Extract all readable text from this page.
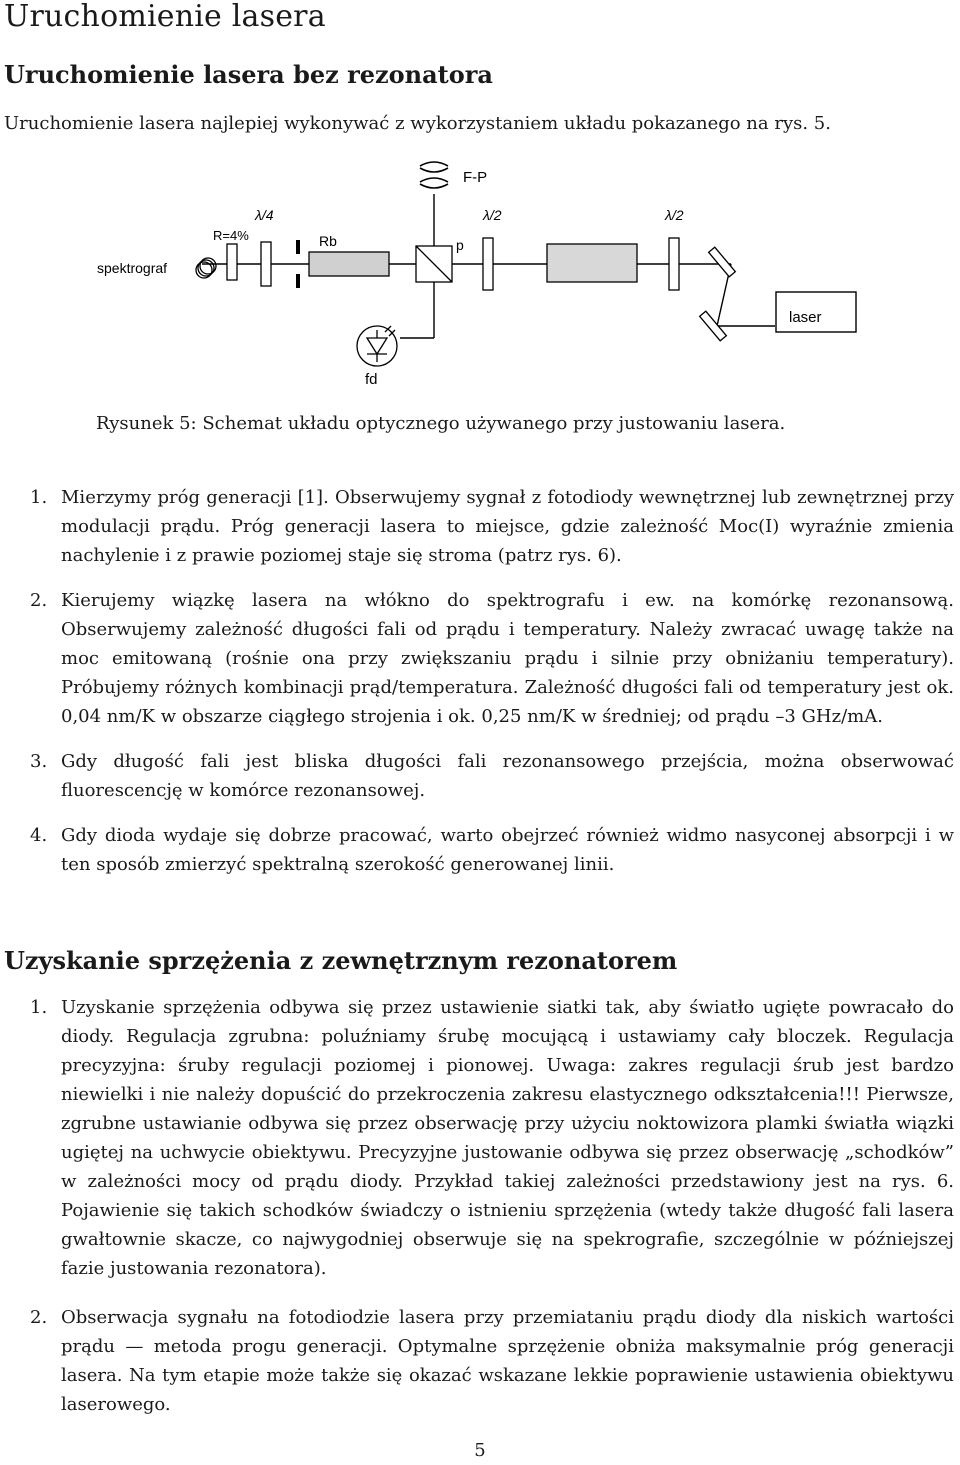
Uruchomienie lasera
Uruchomienie lasera bez rezonatora

Uruchomienie lasera najlepiej wykonywać z wykorzystaniem układu pokazanego na rys. 5.

F-P
spektrograf
R=4%
λ/4
Rb	p
λ/2	λ/2
laser
fd

Rysunek 5: Schemat układu optycznego używanego przy justowaniu lasera.

1. Mierzymy próg generacji [1]. Obserwujemy sygnał z fotodiody wewnętrznej lub zewnętrznej przy modulacji prądu. Próg generacji lasera to miejsce, gdzie zależność Moc(I) wyraźnie zmienia nachylenie i z prawie poziomej staje się stroma (patrz rys. 6).
2. Kierujemy wiązkę lasera na włókno do spektrografu i ew. na komórkę rezonansową. Obserwujemy zależność długości fali od prądu i temperatury. Należy zwracać uwagę także na moc emitowaną (rośnie ona przy zwiększaniu prądu i silnie przy obniżaniu temperatury). Próbujemy różnych kombinacji prąd/temperatura. Zależność długości fali od temperatury jest ok. 0,04 nm/K w obszarze ciągłego strojenia i ok. 0,25 nm/K w średniej; od prądu –3 GHz/mA.
3. Gdy długość fali jest bliska długości fali rezonansowego przejścia, można obserwować fluorescencję w komórce rezonansowej.
4. Gdy dioda wydaje się dobrze pracować, warto obejrzeć również widmo nasyconej absorpcji i w ten sposób zmierzyć spektralną szerokość generowanej linii.
Uzyskanie sprzężenia z zewnętrznym rezonatorem
1. Uzyskanie sprzężenia odbywa się przez ustawienie siatki tak, aby światło ugięte powracało do diody. Regulacja zgrubna: poluźniamy śrubę mocującą i ustawiamy cały bloczek. Regulacja precyzyjna: śruby regulacji poziomej i pionowej. Uwaga: zakres regulacji śrub jest bardzo niewielki i nie należy dopuścić do przekroczenia zakresu elastycznego odkształcenia!!! Pierwsze, zgrubne ustawianie odbywa się przez obserwację przy użyciu noktowizora plamki światła wiązki ugiętej na uchwycie obiektywu. Precyzyjne justowanie odbywa się przez obserwację „schodków” w zależności mocy od prądu diody. Przykład takiej zależności przedstawiony jest na rys. 6. Pojawienie się takich schodków świadczy o istnieniu sprzężenia (wtedy także długość fali lasera gwałtownie skacze, co najwygodniej obserwuje się na spekrografie, szczególnie w późniejszej fazie justowania rezonatora).
2. Obserwacja sygnału na fotodiodzie lasera przy przemiataniu prądu diody dla niskich wartości prądu — metoda progu generacji. Optymalne sprzężenie obniża maksymalnie próg generacji lasera. Na tym etapie może także się okazać wskazane lekkie poprawienie ustawienia obiektywu laserowego.

5
